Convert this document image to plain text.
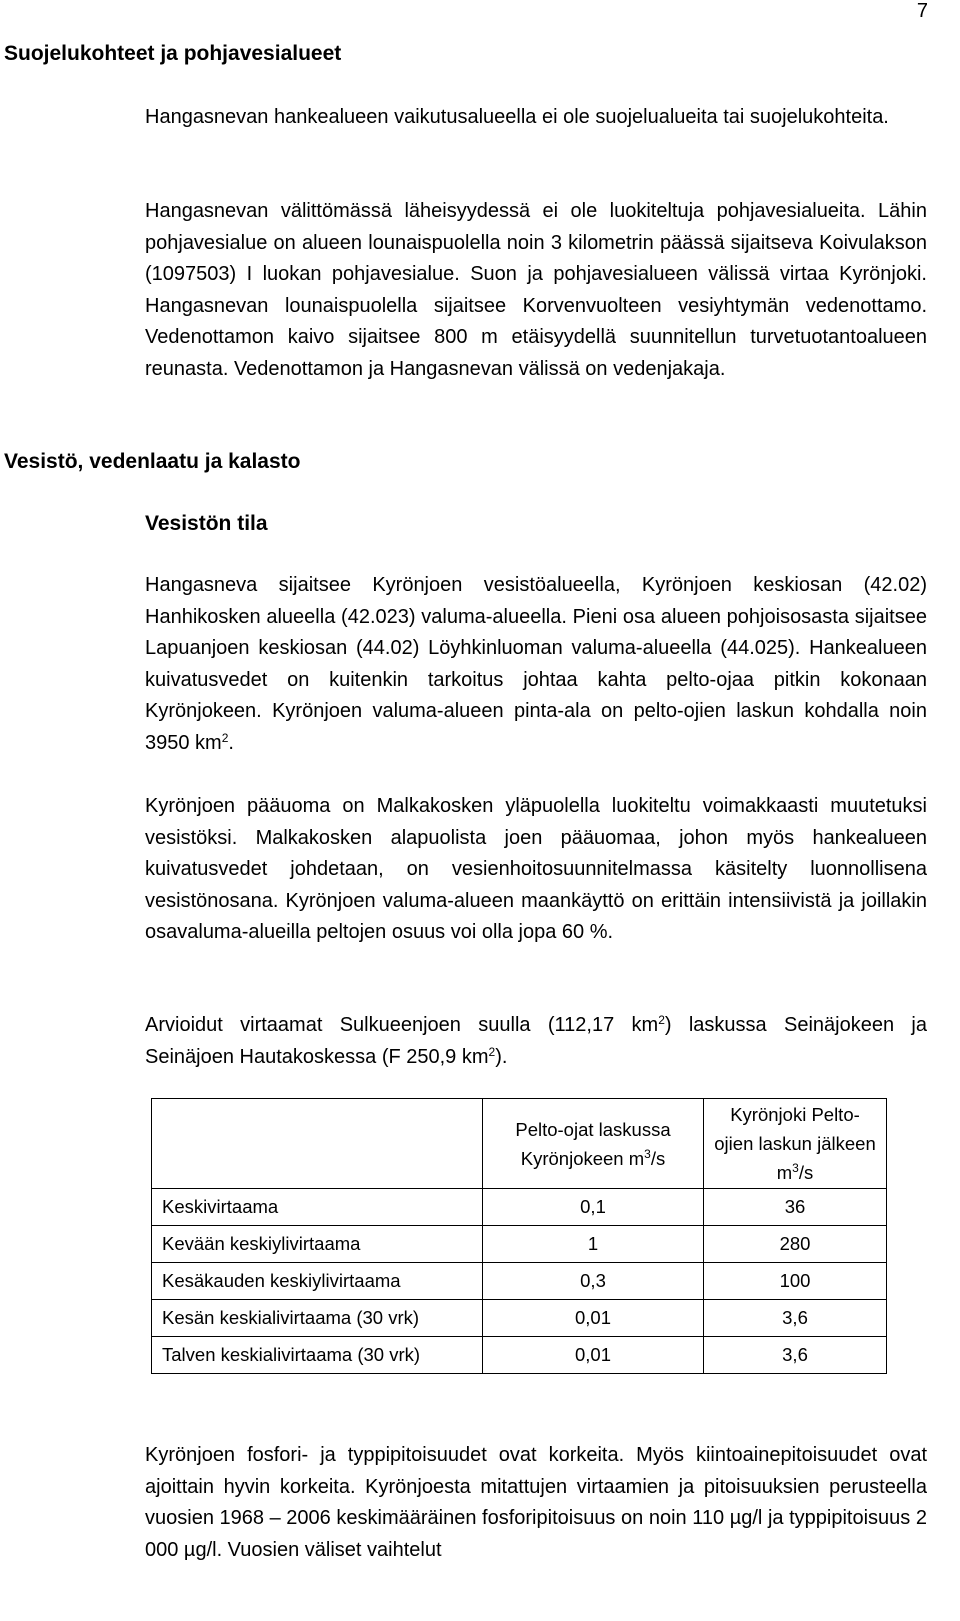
7
Suojelukohteet ja pohjavesialueet

Hangasnevan hankealueen vaikutusalueella ei ole suojelualueita tai suojelukohteita.

Hangasnevan välittömässä läheisyydessä ei ole luokiteltuja pohjavesialueita. Lähin pohjavesialue on alueen lounaispuolella noin 3 kilometrin päässä sijaitseva Koivulakson (1097503) I luokan pohjavesialue. Suon ja pohjavesialueen välissä virtaa Kyrönjoki. Hangasnevan lounaispuolella sijaitsee Korvenvuolteen vesiyhtymän vedenottamo. Vedenottamon kaivo sijaitsee 800 m etäisyydellä suunnitellun turvetuotantoalueen reunasta. Vedenottamon ja Hangasnevan välissä on vedenjakaja.

Vesistö, vedenlaatu ja kalasto
Vesistön tila

Hangasneva sijaitsee Kyrönjoen vesistöalueella, Kyrönjoen keskiosan (42.02) Hanhikosken alueella (42.023) valuma-alueella. Pieni osa alueen pohjoisosasta sijaitsee Lapuanjoen keskiosan (44.02) Löyhkinluoman valuma-alueella (44.025). Hankealueen kuivatusvedet on kuitenkin tarkoitus johtaa kahta pelto-ojaa pitkin kokonaan Kyrönjokeen. Kyrönjoen valuma-alueen pinta-ala on pelto-ojien laskun kohdalla noin 3950 $km^2$.

Kyrönjoen pääuoma on Malkakosken yläpuolella luokiteltu voimakkaasti muutetuksi vesistöksi. Malkakosken alapuolista joen pääuomaa, johon myös hankealueen kuivatusvedet johdetaan, on vesienhoitosuunnitelmassa käsitelty luonnollisena vesistönosana. Kyrönjoen valuma-alueen maankäyttö on erittäin intensiivistä ja joillakin osavaluma-alueilla peltojen osuus voi olla jopa 60 %.

Arvioidut virtaamat Sulkueenjoen suulla (112,17 $km^2$) laskussa Seinäjokeen ja Seinäjoen Hautakoskessa (F 250,9 $km^2$).

	Pelto-ojat laskussa Kyrönjokeen $m^3/s$	Kyrönjoki Pelto-ojien laskun jälkeen $m^3/s$
Keskivirtaama	0,1	36
Kevään keskiylivirtaama	1	280
Kesäkauden keskiylivirtaama	0,3	100
Kesän keskialivirtaama (30 vrk)	0,01	3,6
Talven keskialivirtaama (30 vrk)	0,01	3,6

Kyrönjoen fosfori- ja typpipitoisuudet ovat korkeita. Myös kiintoainepitoisuudet ovat ajoittain hyvin korkeita. Kyrönjoesta mitattujen virtaamien ja pitoisuuksien perusteella vuosien 1968 – 2006 keskimääräinen fosforipitoisuus on noin 110 µg/l ja typpipitoisuus 2 000 µg/l. Vuosien väliset vaihtelut
